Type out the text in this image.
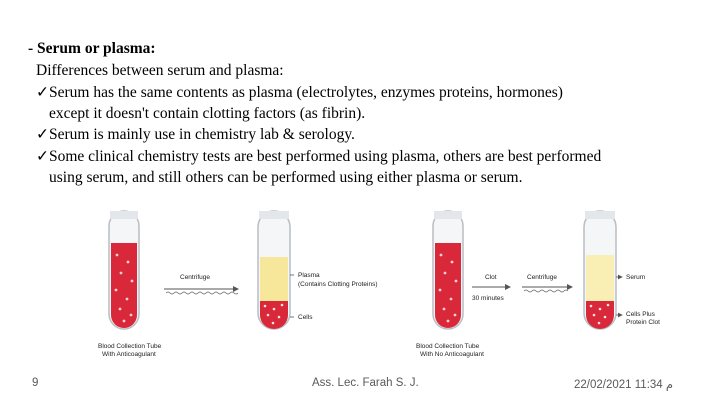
- Serum or plasma:
Differences between serum and plasma:
✓Serum has the same contents as plasma (electrolytes, enzymes proteins, hormones)
except it doesn't contain clotting factors (as fibrin).
✓Serum is mainly use in chemistry lab & serology.
✓Some clinical chemistry tests are best performed using plasma, others are best performed
using serum, and still others can be performed using either plasma or serum.
Blood Collection Tube
With Anticoagulant
Centrifuge	Plasma
(Contains Clotting Proteins)
Cells
Blood Collection Tube
With No Anticoagulant
Clot
30 minutes
Centrifuge	Serum
Cells Plus
Protein Clot
9	Ass. Lec. Farah S. J.	م 11:34 22/02/2021
